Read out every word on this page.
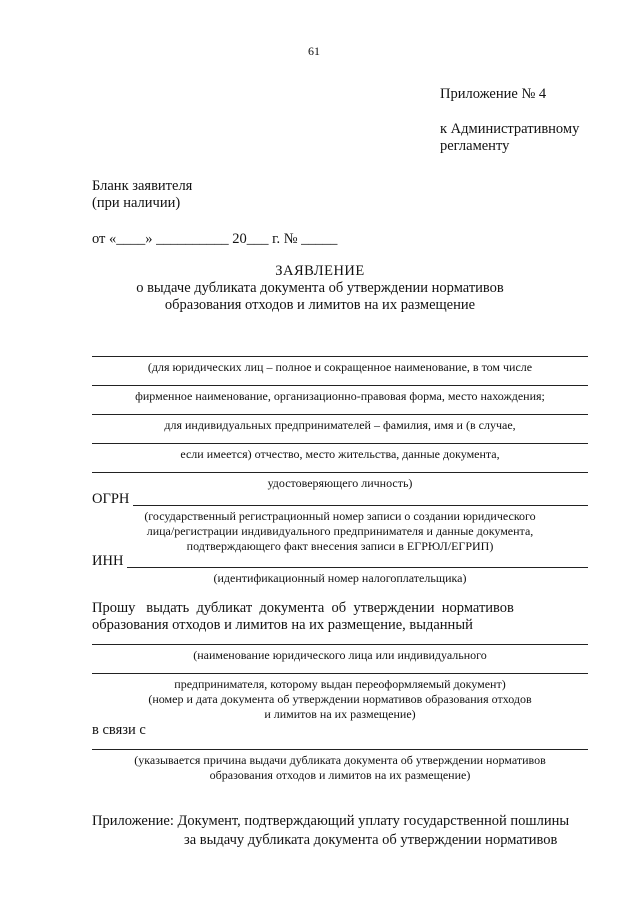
61
Приложение № 4
к Административному
регламенту
Бланк заявителя
(при наличии)
от «____» __________ 20___ г. № _____
ЗАЯВЛЕНИЕ
о выдаче дубликата документа об утверждении нормативов
образования отходов и лимитов на их размещение
(для юридических лиц – полное и сокращенное наименование, в том числе
фирменное наименование, организационно-правовая форма, место нахождения;
для индивидуальных предпринимателей – фамилия, имя и (в случае,
если имеется) отчество, место жительства, данные документа,
удостоверяющего личность)
ОГРН
(государственный регистрационный номер записи о создании юридического
лица/регистрации индивидуального предпринимателя и данные документа,
подтверждающего факт внесения записи в ЕГРЮЛ/ЕГРИП)
ИНН
(идентификационный номер налогоплательщика)
Прошу   выдать  дубликат  документа  об  утверждении  нормативов
образования отходов и лимитов на их размещение, выданный
(наименование юридического лица или индивидуального
предпринимателя, которому выдан переоформляемый документ)
(номер и дата документа об утверждении нормативов образования отходов
и лимитов на их размещение)
в связи с
(указывается причина выдачи дубликата документа об утверждении нормативов
образования отходов и лимитов на их размещение)
Приложение: Документ, подтверждающий уплату государственной пошлины
за выдачу дубликата документа об утверждении нормативов
